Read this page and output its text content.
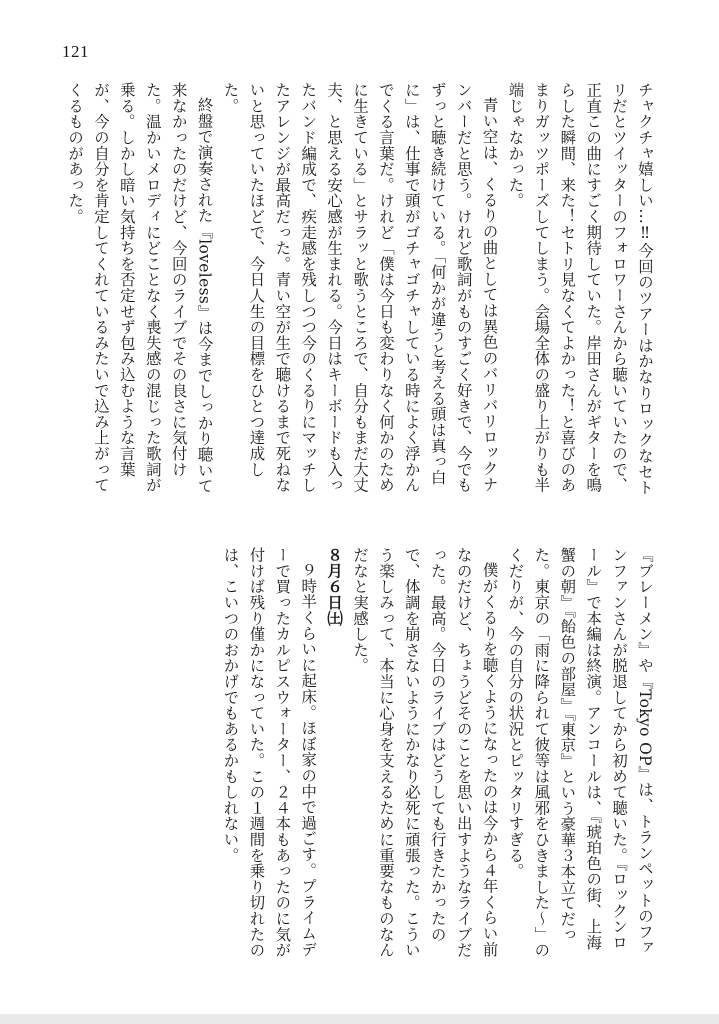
121

チャクチャ嬉しい…‼今回のツアーはかなりロックなセトリだとツイッターのフォロワーさんから聴いていたので、正直この曲にすごく期待していた。岸田さんがギターを鳴らした瞬間、来た！セトリ見なくてよかった！と喜びのあまりガッツポーズしてしまう。会場全体の盛り上がりも半端じゃなかった。

青い空は、くるりの曲としては異色のバリバリロックナンバーだと思う。けれど歌詞がものすごく好きで、今でもずっと聴き続けている。「何かが違うと考える頭は真っ白に」は、仕事で頭がゴチャゴチャしている時によく浮かんでくる言葉だ。けれど「僕は今日も変わりなく何かのために生きている」とサラッと歌うところで、自分もまだ大丈夫、と思える安心感が生まれる。今日はキーボードも入ったバンド編成で、疾走感を残しつつ今のくるりにマッチしたアレンジが最高だった。青い空が生で聴けるまで死ねないと思っていたほどで、今日人生の目標をひとつ達成した。

終盤で演奏された『loveless』は今までしっかり聴いて来なかったのだけど、今回のライブでその良さに気付けた。温かいメロディにどことなく喪失感の混じった歌詞が乗る。しかし暗い気持ちを否定せず包み込むような言葉が、今の自分を肯定してくれているみたいで込み上がってくるものがあった。

『ブレーメン』や『Tokyo OP』は、トランペットのファンファンさんが脱退してから初めて聴いた。『ロックンロール』で本編は終演。アンコールは、『琥珀色の街、上海蟹の朝』『飴色の部屋』『東京』という豪華３本立てだった。東京の「雨に降られて彼等は風邪をひきました～」のくだりが、今の自分の状況とピッタリすぎる。

僕がくるりを聴くようになったのは今から４年くらい前なのだけど、ちょうどそのことを思い出すようなライブだった。最高。今日のライブはどうしても行きたかったので、体調を崩さないようにかなり必死に頑張った。こういう楽しみって、本当に心身を支えるために重要なものなんだなと実感した。

８月６日㈯

９時半くらいに起床。ほぼ家の中で過ごす。プライムデーで買ったカルピスウォーター、２４本もあったのに気が付けば残り僅かになっていた。この１週間を乗り切れたのは、こいつのおかげでもあるかもしれない。
